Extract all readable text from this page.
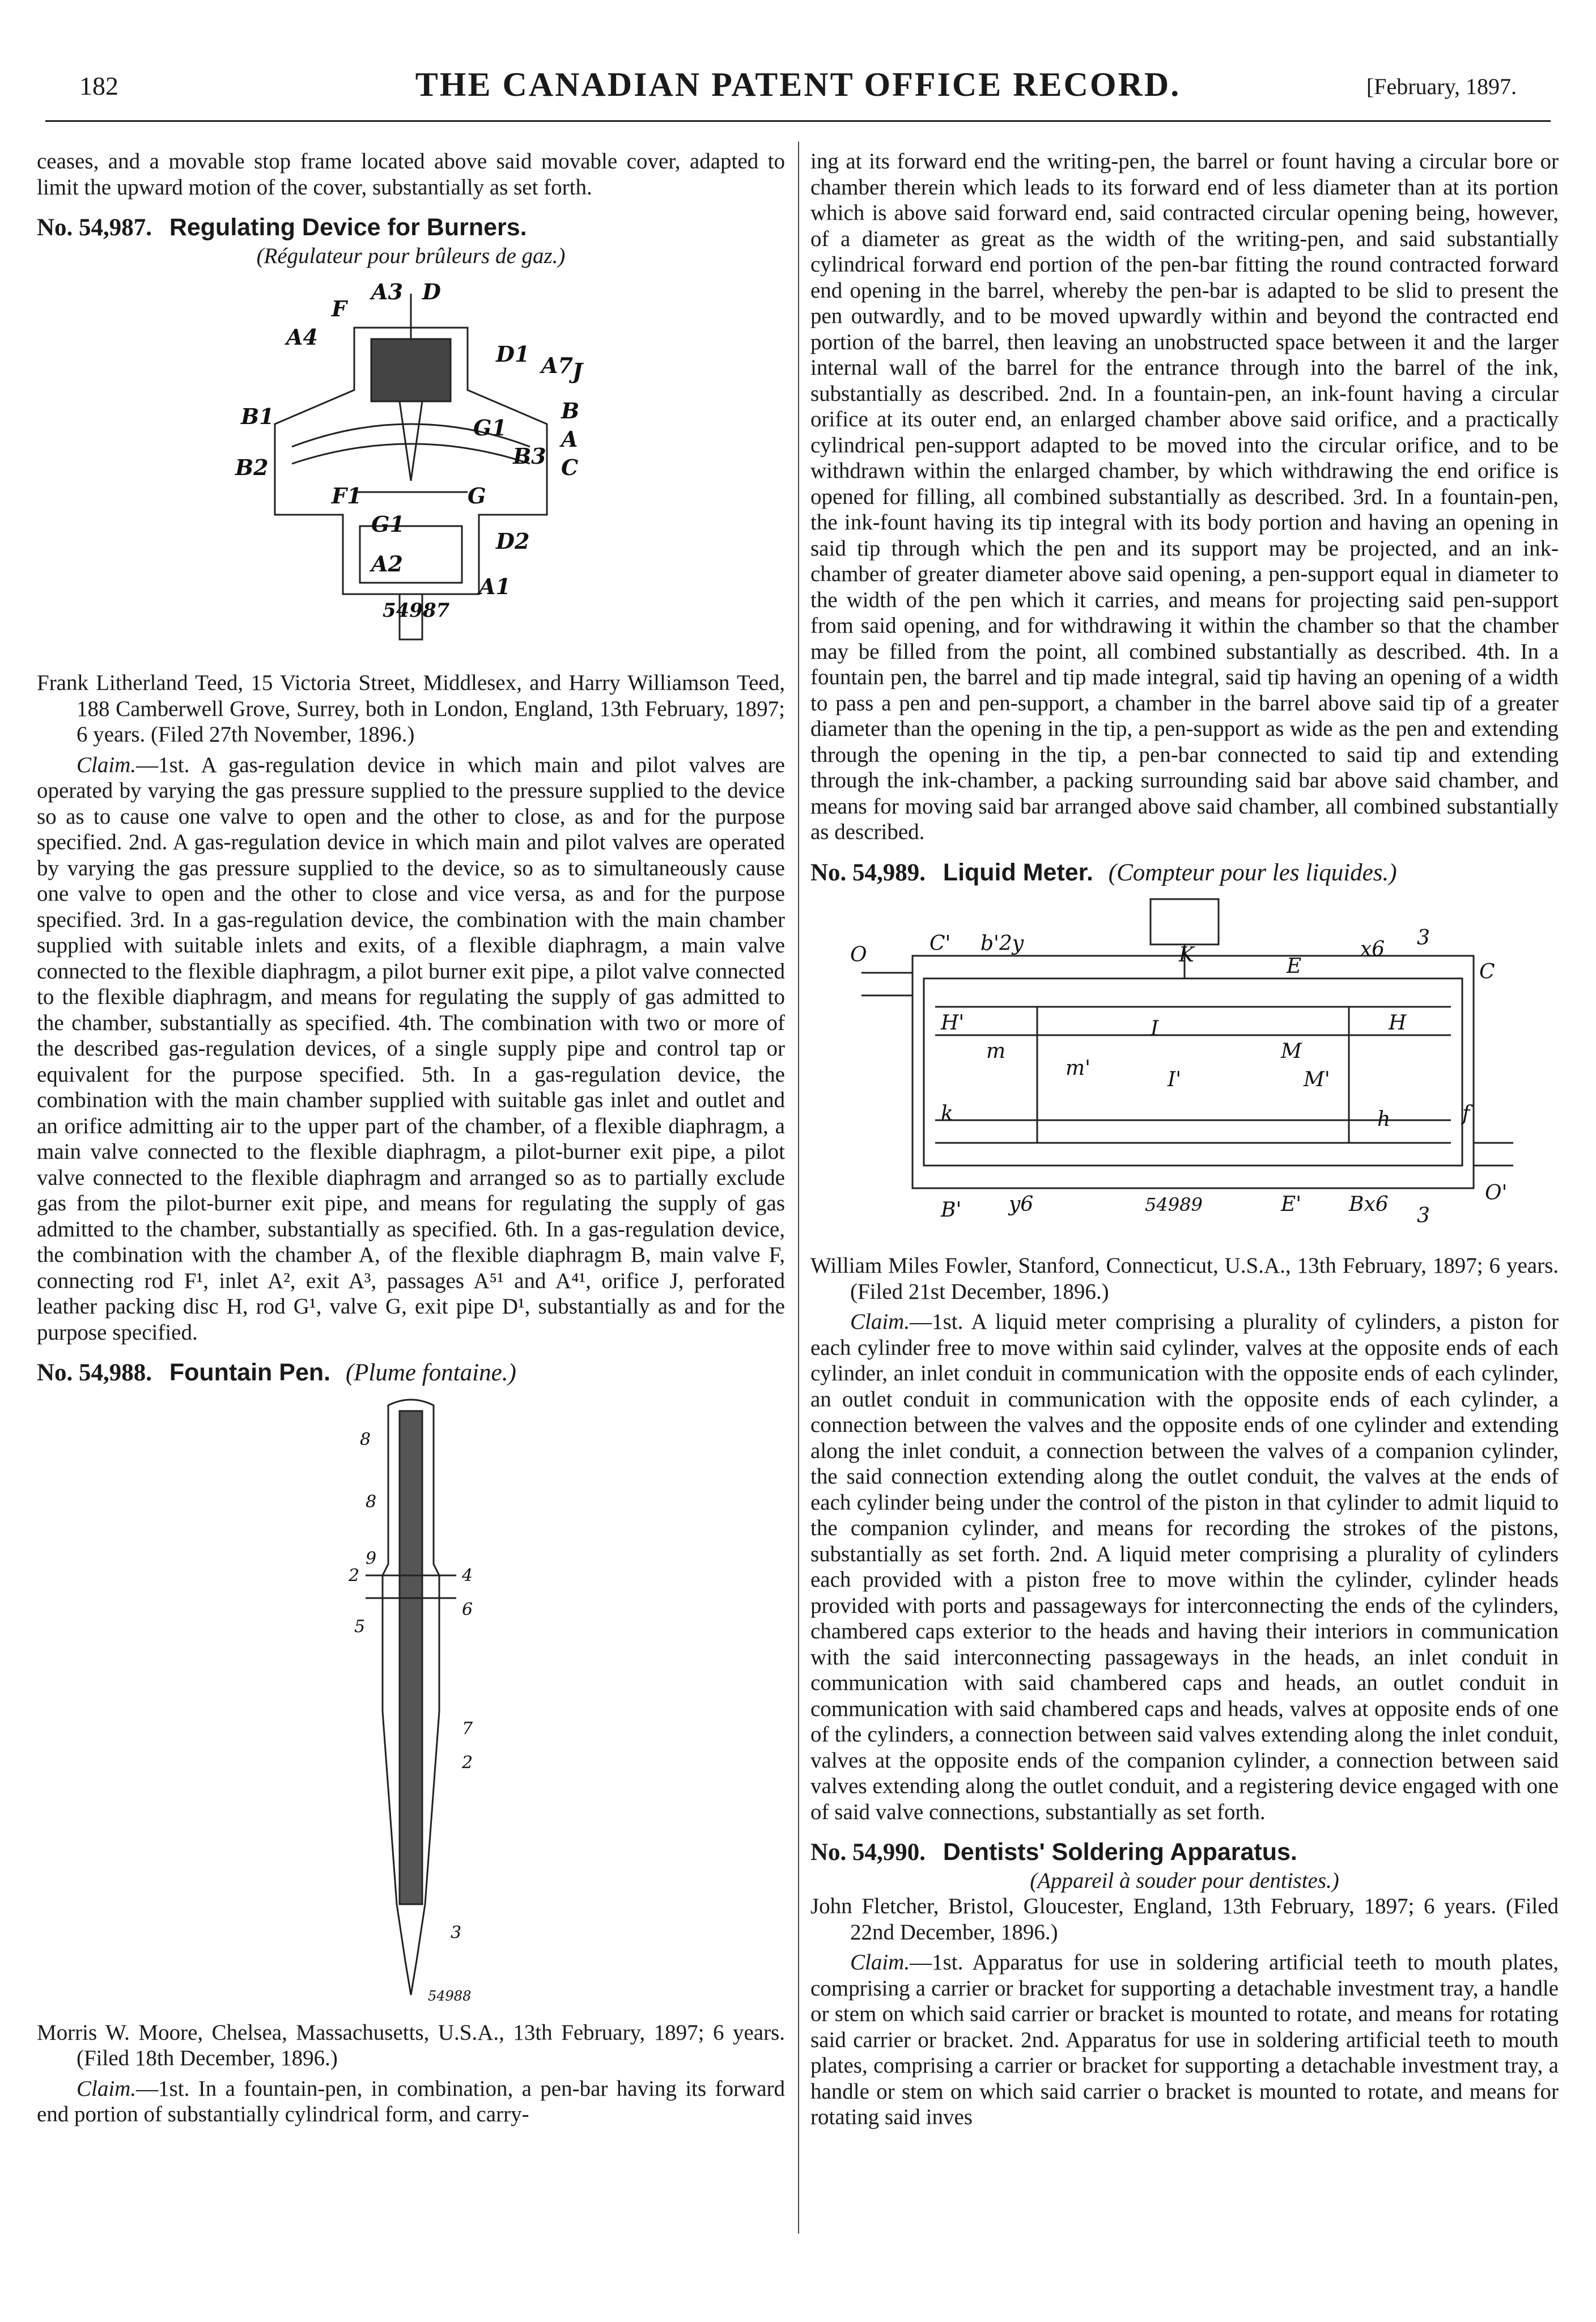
182	THE CANADIAN PATENT OFFICE RECORD.	[February, 1897.

ceases, and a movable stop frame located above said movable cover, adapted to limit the upward motion of the cover, substantially as set forth.

No. 54,987. Regulating Device for Burners.
(Régulateur pour brûleurs de gaz.)
A3 D
F
A4
D1 A7 J
B1	B
G1	A
B2	B3 C
F1	G
G1
A2
D2
A1
54987

Frank Litherland Teed, 15 Victoria Street, Middlesex, and Harry Williamson Teed, 188 Camberwell Grove, Surrey, both in London, England, 13th February, 1897; 6 years. (Filed 27th November, 1896.)

Claim.—1st. A gas-regulation device in which main and pilot valves are operated by varying the gas pressure supplied to the pressure supplied to the device so as to cause one valve to open and the other to close, as and for the purpose specified. 2nd. A gas-regulation device in which main and pilot valves are operated by varying the gas pressure supplied to the device, so as to simultaneously cause one valve to open and the other to close and vice versa, as and for the purpose specified. 3rd. In a gas-regulation device, the combination with the main chamber supplied with suitable inlets and exits, of a flexible diaphragm, a main valve connected to the flexible diaphragm, a pilot burner exit pipe, a pilot valve connected to the flexible diaphragm, and means for regulating the supply of gas admitted to the chamber, substantially as specified. 4th. The combination with two or more of the described gas-regulation devices, of a single supply pipe and control tap or equivalent for the purpose specified. 5th. In a gas-regulation device, the combination with the main chamber supplied with suitable gas inlet and outlet and an orifice admitting air to the upper part of the chamber, of a flexible diaphragm, a main valve connected to the flexible diaphragm, a pilot-burner exit pipe, a pilot valve connected to the flexible diaphragm and arranged so as to partially exclude gas from the pilot-burner exit pipe, and means for regulating the supply of gas admitted to the chamber, substantially as specified. 6th. In a gas-regulation device, the combination with the chamber A, of the flexible diaphragm B, main valve F, connecting rod F¹, inlet A², exit A³, passages A⁵¹ and A⁴¹, orifice J, perforated leather packing disc H, rod G¹, valve G, exit pipe D¹, substantially as and for the purpose specified.

No. 54,988. Fountain Pen. (Plume fontaine.)
8
8
9
2	4
6
5
7
2
3
54988

Morris W. Moore, Chelsea, Massachusetts, U.S.A., 13th February, 1897; 6 years. (Filed 18th December, 1896.)

Claim.—1st. In a fountain-pen, in combination, a pen-bar having its forward end portion of substantially cylindrical form, and carry-

ing at its forward end the writing-pen, the barrel or fount having a circular bore or chamber therein which leads to its forward end of less diameter than at its portion which is above said forward end, said contracted circular opening being, however, of a diameter as great as the width of the writing-pen, and said substantially cylindrical forward end portion of the pen-bar fitting the round contracted forward end opening in the barrel, whereby the pen-bar is adapted to be slid to present the pen outwardly, and to be moved upwardly within and beyond the contracted end portion of the barrel, then leaving an unobstructed space between it and the larger internal wall of the barrel for the entrance through into the barrel of the ink, substantially as described. 2nd. In a fountain-pen, an ink-fount having a circular orifice at its outer end, an enlarged chamber above said orifice, and a practically cylindrical pen-support adapted to be moved into the circular orifice, and to be withdrawn within the enlarged chamber, by which withdrawing the end orifice is opened for filling, all combined substantially as described. 3rd. In a fountain-pen, the ink-fount having its tip integral with its body portion and having an opening in said tip through which the pen and its support may be projected, and an ink-chamber of greater diameter above said opening, a pen-support equal in diameter to the width of the pen which it carries, and means for projecting said pen-support from said opening, and for withdrawing it within the chamber so that the chamber may be filled from the point, all combined substantially as described. 4th. In a fountain pen, the barrel and tip made integral, said tip having an opening of a width to pass a pen and pen-support, a chamber in the barrel above said tip of a greater diameter than the opening in the tip, a pen-support as wide as the pen and extending through the opening in the tip, a pen-bar connected to said tip and extending through the ink-chamber, a packing surrounding said bar above said chamber, and means for moving said bar arranged above said chamber, all combined substantially as described.

No. 54,989. Liquid Meter. (Compteur pour les liquides.)
O	C' b'2y	K	E
x6 3
C
H'	I	H
m
m'	I'
M
M'
k	h	f
B' y6	E' Bx6 3
O'
54989

William Miles Fowler, Stanford, Connecticut, U.S.A., 13th February, 1897; 6 years. (Filed 21st December, 1896.)

Claim.—1st. A liquid meter comprising a plurality of cylinders, a piston for each cylinder free to move within said cylinder, valves at the opposite ends of each cylinder, an inlet conduit in communication with the opposite ends of each cylinder, an outlet conduit in communication with the opposite ends of each cylinder, a connection between the valves and the opposite ends of one cylinder and extending along the inlet conduit, a connection between the valves of a companion cylinder, the said connection extending along the outlet conduit, the valves at the ends of each cylinder being under the control of the piston in that cylinder to admit liquid to the companion cylinder, and means for recording the strokes of the pistons, substantially as set forth. 2nd. A liquid meter comprising a plurality of cylinders each provided with a piston free to move within the cylinder, cylinder heads provided with ports and passageways for interconnecting the ends of the cylinders, chambered caps exterior to the heads and having their interiors in communication with the said interconnecting passageways in the heads, an inlet conduit in communication with said chambered caps and heads, an outlet conduit in communication with said chambered caps and heads, valves at opposite ends of one of the cylinders, a connection between said valves extending along the inlet conduit, valves at the opposite ends of the companion cylinder, a connection between said valves extending along the outlet conduit, and a registering device engaged with one of said valve connections, substantially as set forth.

No. 54,990. Dentists' Soldering Apparatus.
(Appareil à souder pour dentistes.)

John Fletcher, Bristol, Gloucester, England, 13th February, 1897; 6 years. (Filed 22nd December, 1896.)

Claim.—1st. Apparatus for use in soldering artificial teeth to mouth plates, comprising a carrier or bracket for supporting a detachable investment tray, a handle or stem on which said carrier or bracket is mounted to rotate, and means for rotating said carrier or bracket. 2nd. Apparatus for use in soldering artificial teeth to mouth plates, comprising a carrier or bracket for supporting a detachable investment tray, a handle or stem on which said carrier o bracket is mounted to rotate, and means for rotating said inves
